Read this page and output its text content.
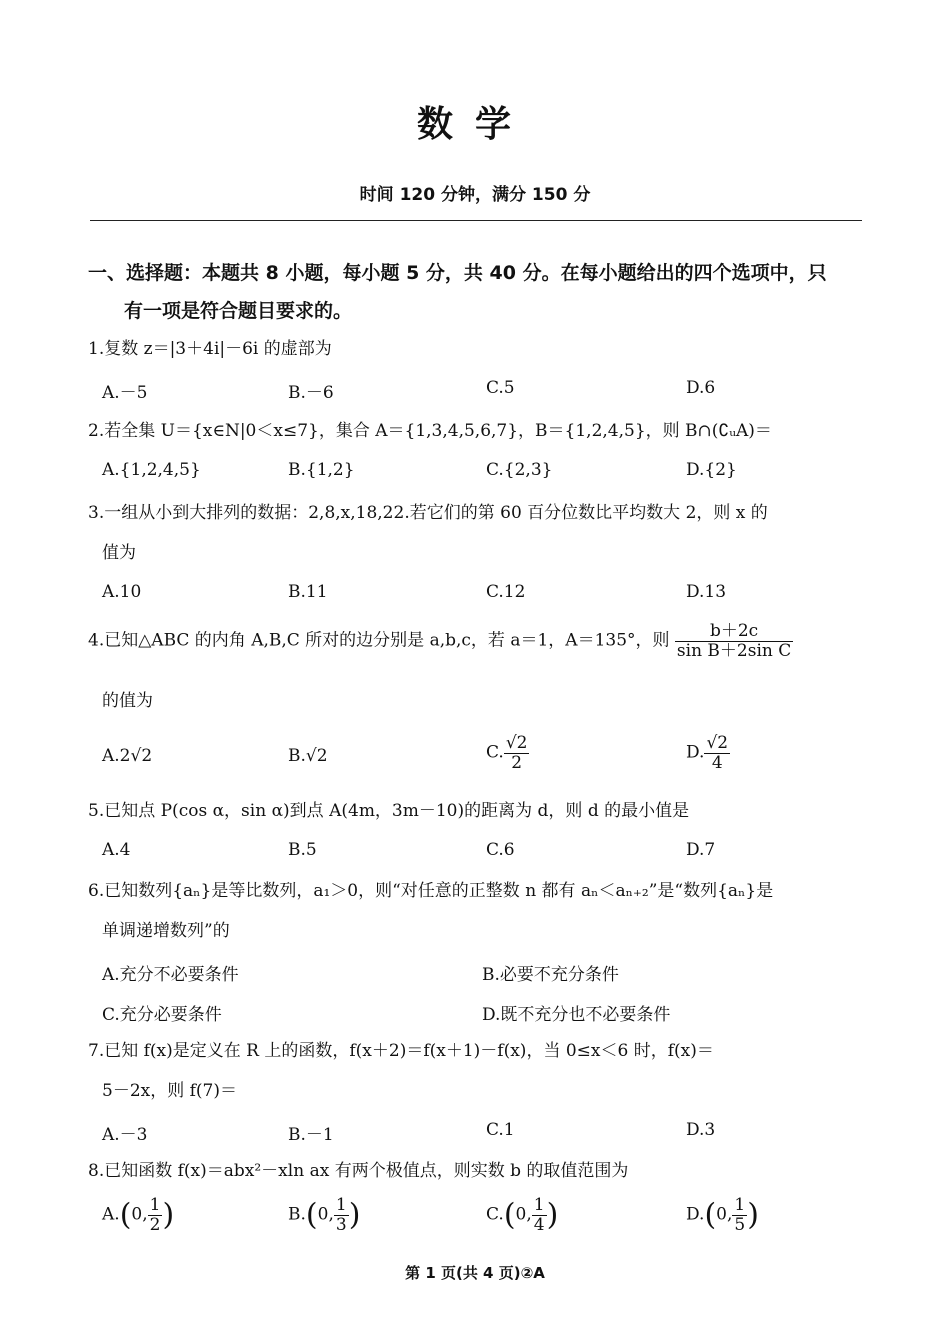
数学
时间 120 分钟，满分 150 分
一、选择题：本题共 8 小题，每小题 5 分，共 40 分。在每小题给出的四个选项中，只
有一项是符合题目要求的。
1.复数 z＝|3＋4i|－6i 的虚部为
A.－5	B.－6	C.5	D.6
2.若全集 U＝{x∈N|0＜x≤7}，集合 A＝{1,3,4,5,6,7}，B＝{1,2,4,5}，则 B∩(∁ᵤA)＝
A.{1,2,4,5}	B.{1,2}	C.{2,3}	D.{2}
3.一组从小到大排列的数据：2,8,x,18,22.若它们的第 60 百分位数比平均数大 2，则 x 的
值为
A.10	B.11	C.12	D.13
4.已知△ABC 的内角 A,B,C 所对的边分别是 a,b,c，若 a＝1，A＝135°，则 $\frac{b+2c}{\text{sin B＋2sin C}}$
的值为
A.2√2	B.√2	C. $\frac{√2}{2}$	D. $\frac{√2}{4}$
5.已知点 P(cos α，sin α)到点 A(4m，3m－10)的距离为 d，则 d 的最小值是
A.4	B.5	C.6	D.7
6.已知数列{aₙ}是等比数列，a₁＞0，则“对任意的正整数 n 都有 aₙ＜aₙ₊₂”是“数列{aₙ}是
单调递增数列”的
A.充分不必要条件	B.必要不充分条件
C.充分必要条件	D.既不充分也不必要条件
7.已知 f(x)是定义在 R 上的函数，f(x＋2)＝f(x＋1)－f(x)，当 0≤x＜6 时，f(x)＝
5－2x，则 f(7)＝
A.－3	B.－1	C.1	D.3
8.已知函数 f(x)＝abx²－xln ax 有两个极值点，则实数 b 的取值范围为
A.(0, $\frac{1}{2}$ )	B.(0, $\frac{1}{3}$ )	C.(0, $\frac{1}{4}$ )	D.(0, $\frac{1}{5}$ )
第 1 页(共 4 页)②A
